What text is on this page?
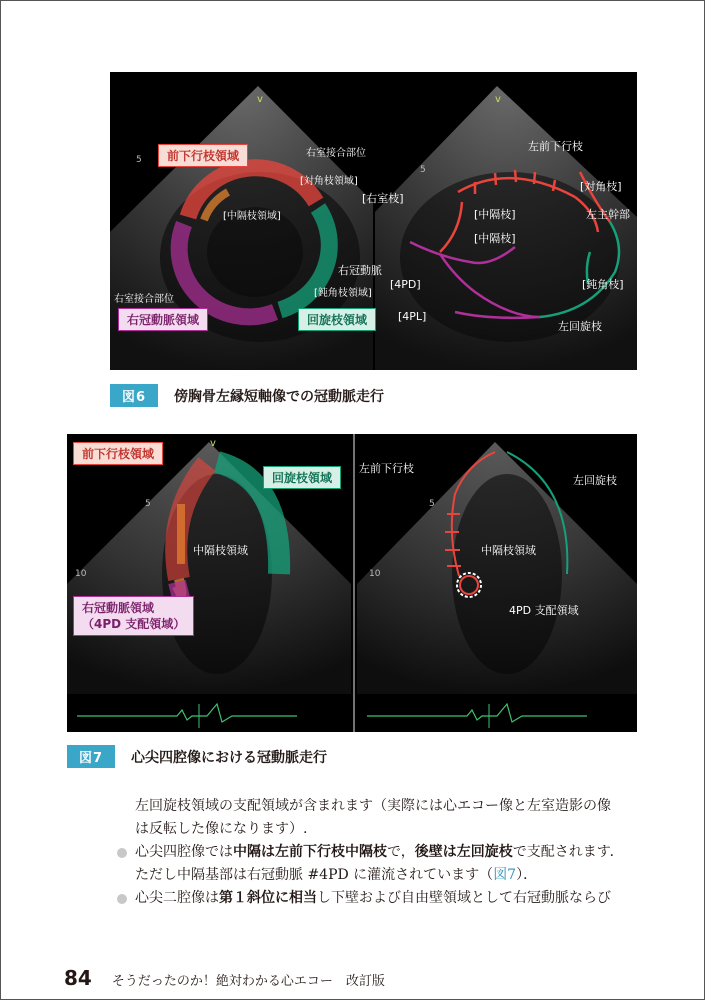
v	v
5
5
前下行枝領域	右室接合部位
[対角枝領域]
[中隔枝領域]
[鈍角枝領域]
右室接合部位
右冠動脈領域	回旋枝領域
左前下行枝
[右室枝]
[中隔枝]
[対角枝]
左主幹部
[中隔枝]
右冠動脈
[4PD]	[鈍角枝]
[4PL]
左回旋枝
図6	傍胸骨左縁短軸像での冠動脈走行
v
5
10
5
10
前下行枝領域
回旋枝領域
中隔枝領域
右冠動脈領域
（4PD 支配領域）
左前下行枝
左回旋枝
中隔枝領域
4PD 支配領域
図7	心尖四腔像における冠動脈走行

左回旋枝領域の支配領域が含まれます（実際には心エコー像と左室造影の像
は反転した像になります）.

心尖四腔像では中隔は左前下行枝中隔枝で，後壁は左回旋枝で支配されます．
ただし中隔基部は右冠動脈 #4PD に灌流されています（図7）．

心尖二腔像は第１斜位に相当し下壁および自由壁領域として右冠動脈ならび

84 そうだったのか！絶対わかる心エコー　改訂版
